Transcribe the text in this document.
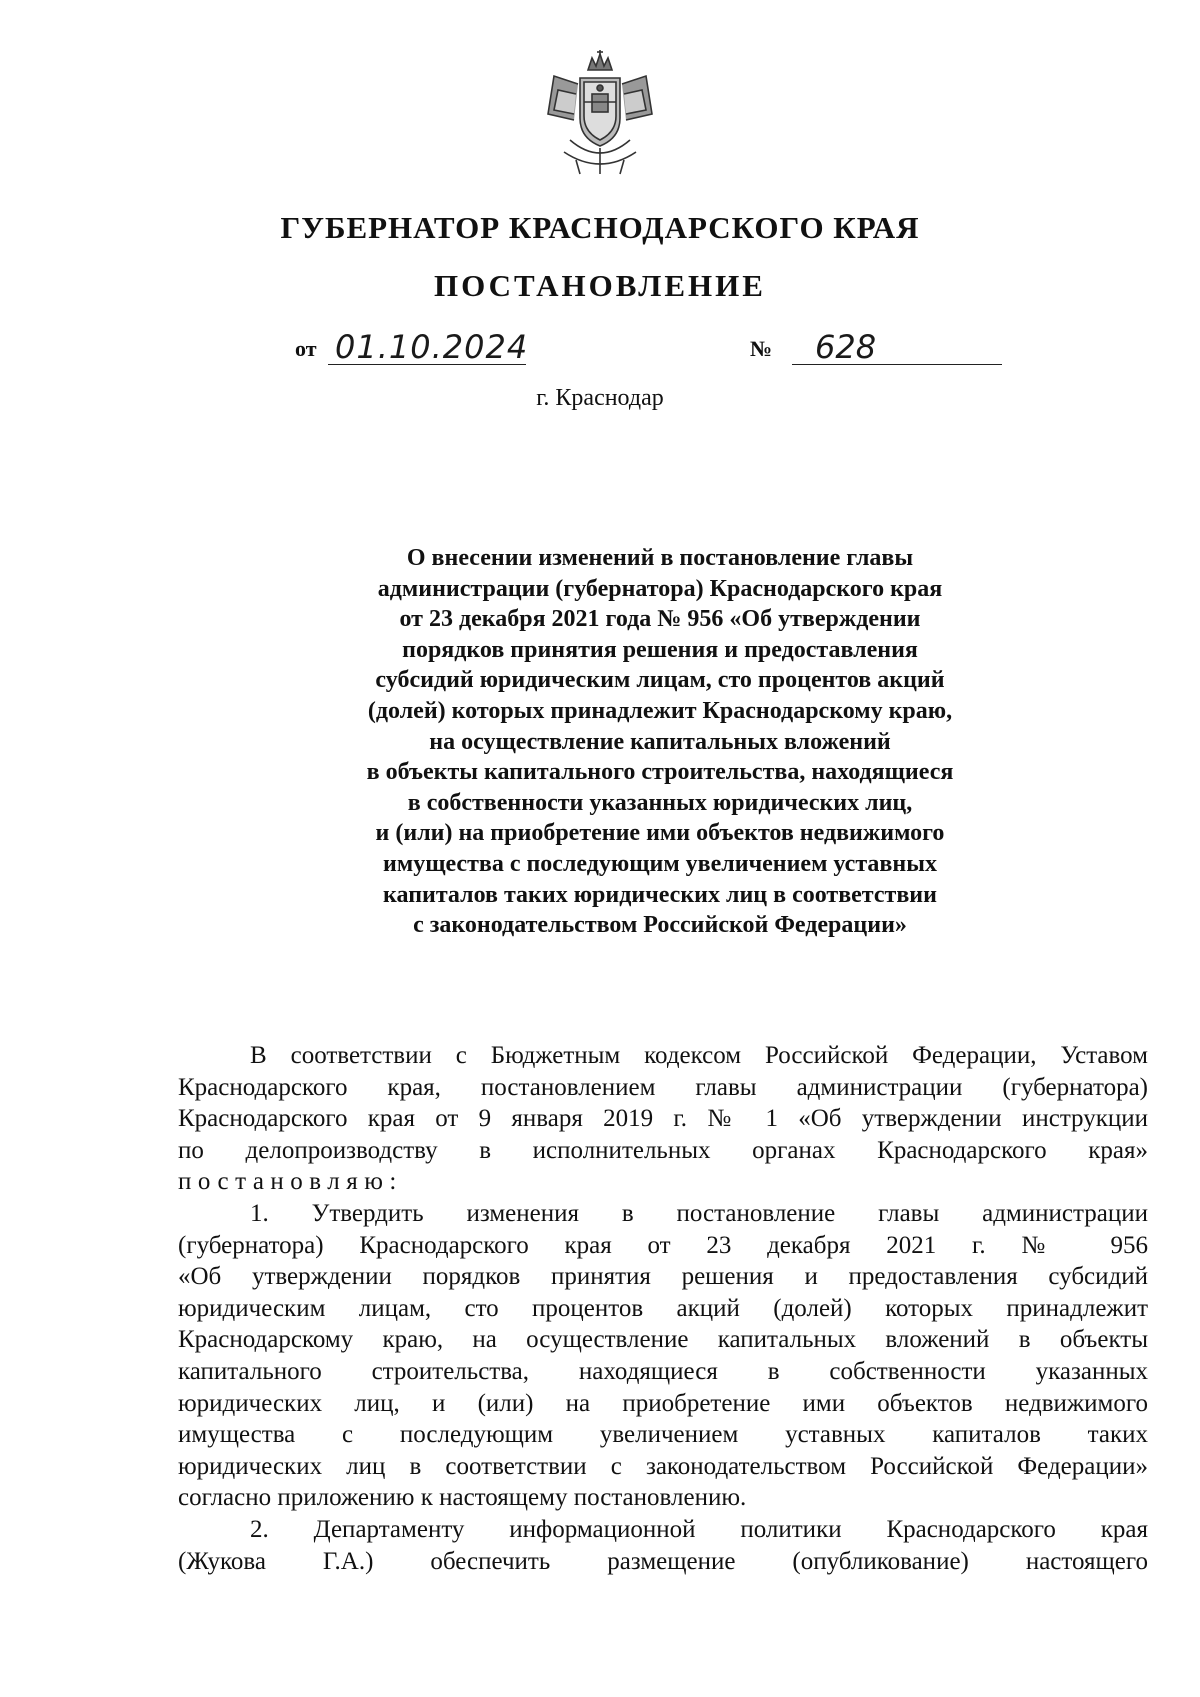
ГУБЕРНАТОР КРАСНОДАРСКОГО КРАЯ
ПОСТАНОВЛЕНИЕ
от 01.10.2024	№ 628
г. Краснодар
О внесении изменений в постановление главы
администрации (губернатора) Краснодарского края
от 23 декабря 2021 года № 956 «Об утверждении
порядков принятия решения и предоставления
субсидий юридическим лицам, сто процентов акций
(долей) которых принадлежит Краснодарскому краю,
на осуществление капитальных вложений
в объекты капитального строительства, находящиеся
в собственности указанных юридических лиц,
и (или) на приобретение ими объектов недвижимого
имущества с последующим увеличением уставных
капиталов таких юридических лиц в соответствии
с законодательством Российской Федерации»
В соответствии с Бюджетным кодексом Российской Федерации, Уставом
Краснодарского края, постановлением главы администрации (губернатора)
Краснодарского края от 9 января 2019 г. № 1 «Об утверждении инструкции
по делопроизводству в исполнительных органах Краснодарского края»
постановляю:
1. Утвердить изменения в постановление главы администрации
(губернатора) Краснодарского края от 23 декабря 2021 г. № 956
«Об утверждении порядков принятия решения и предоставления субсидий
юридическим лицам, сто процентов акций (долей) которых принадлежит
Краснодарскому краю, на осуществление капитальных вложений в объекты
капитального строительства, находящиеся в собственности указанных
юридических лиц, и (или) на приобретение ими объектов недвижимого
имущества с последующим увеличением уставных капиталов таких
юридических лиц в соответствии с законодательством Российской Федерации»
согласно приложению к настоящему постановлению.
2. Департаменту информационной политики Краснодарского края
(Жукова Г.А.) обеспечить размещение (опубликование) настоящего
